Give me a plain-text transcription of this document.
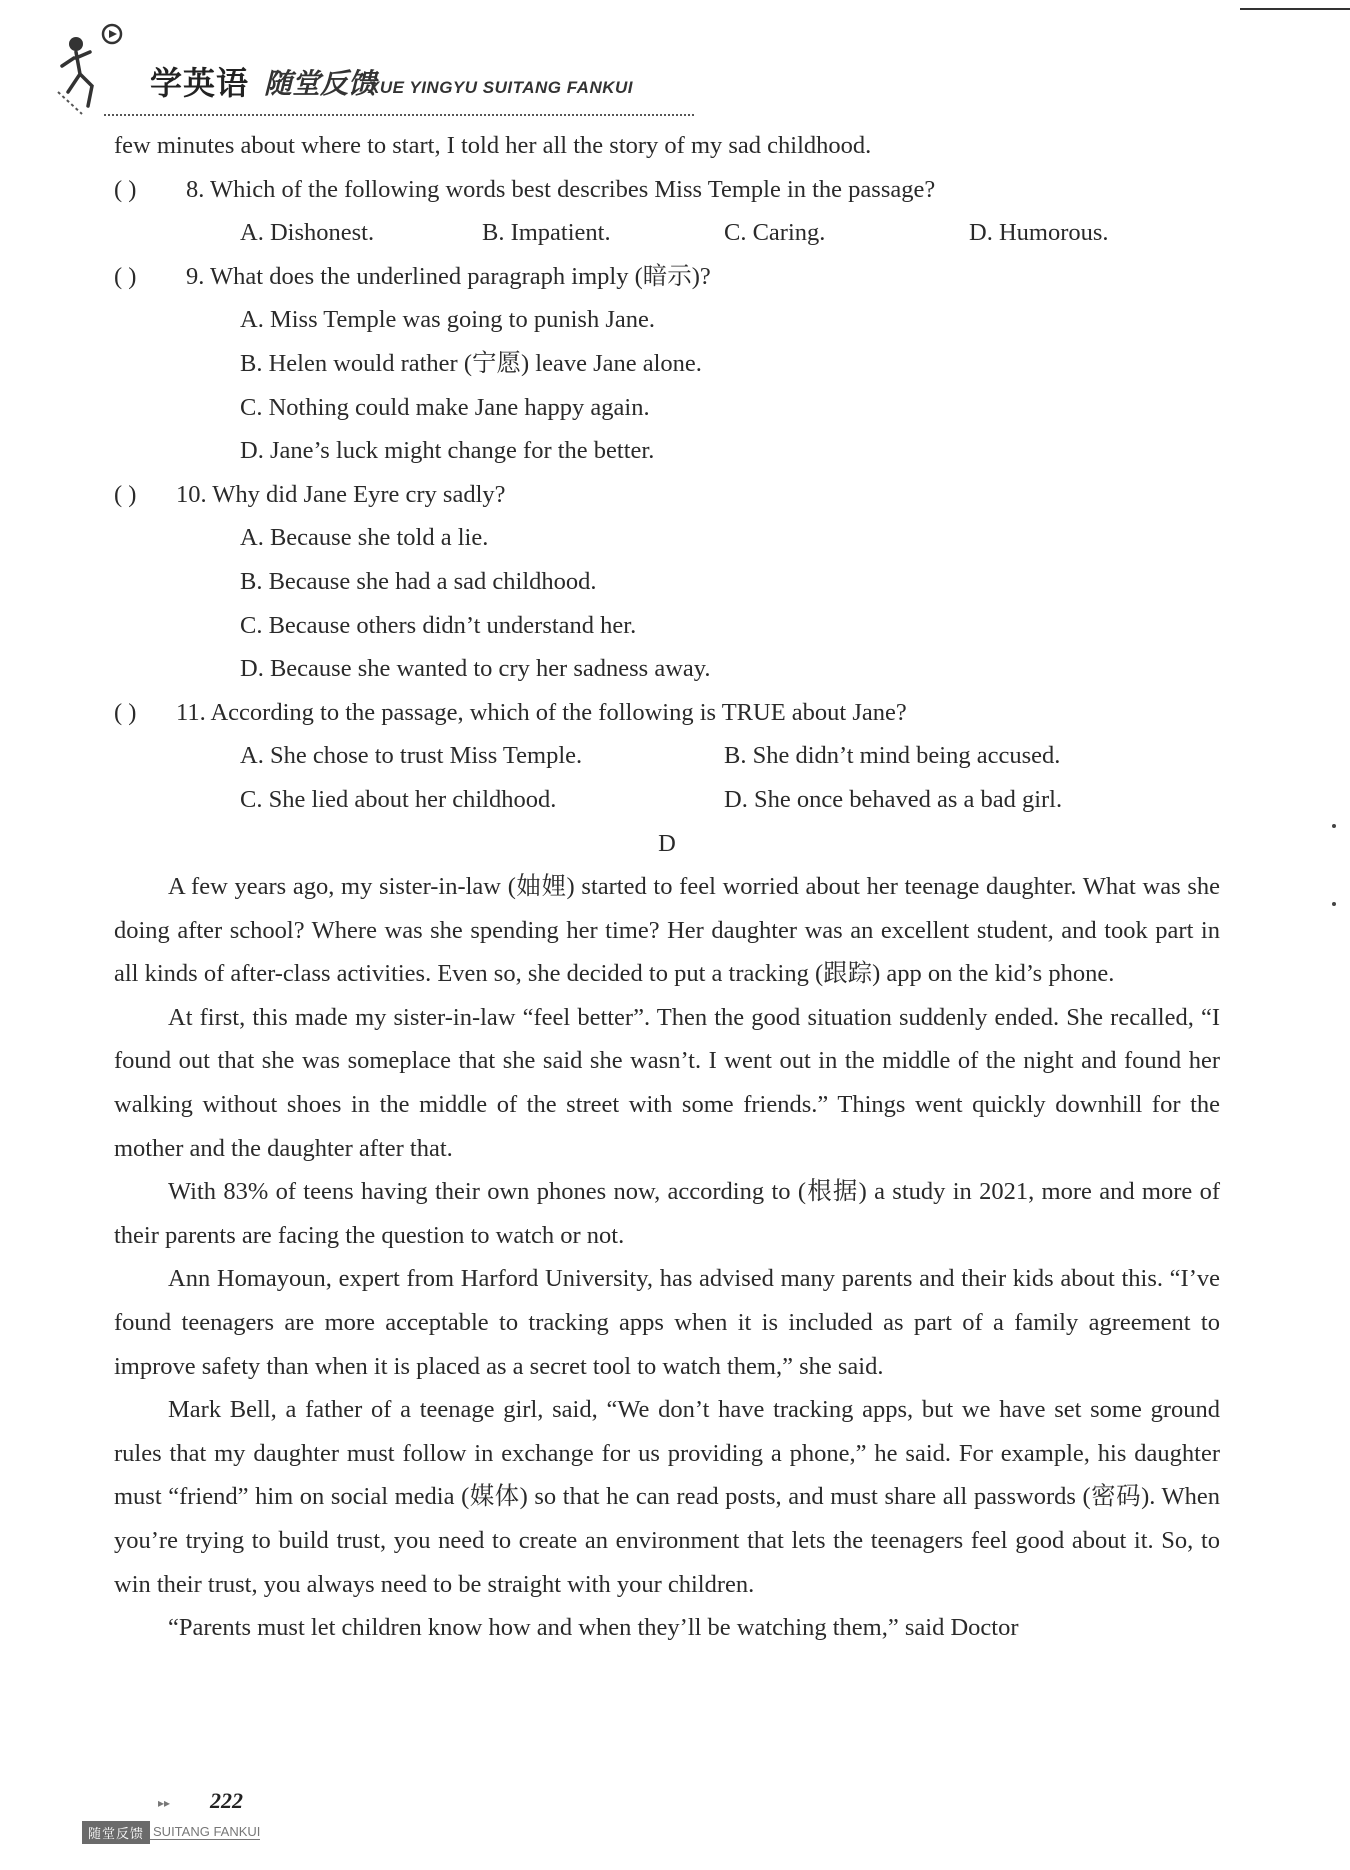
学英语 随堂反馈
XUE YINGYU SUITANG FANKUI
few minutes about where to start, I told her all the story of my sad childhood.
( ) 8. Which of the following words best describes Miss Temple in the passage?
A. Dishonest.	B. Impatient.	C. Caring.	D. Humorous.
( ) 9. What does the underlined paragraph imply (暗示)?
A. Miss Temple was going to punish Jane.
B. Helen would rather (宁愿) leave Jane alone.
C. Nothing could make Jane happy again.
D. Jane’s luck might change for the better.
( ) 10. Why did Jane Eyre cry sadly?
A. Because she told a lie.
B. Because she had a sad childhood.
C. Because others didn’t understand her.
D. Because she wanted to cry her sadness away.
( ) 11. According to the passage, which of the following is TRUE about Jane?
A. She chose to trust Miss Temple.	B. She didn’t mind being accused.
C. She lied about her childhood.	D. She once behaved as a bad girl.
D
A few years ago, my sister-in-law (妯娌) started to feel worried about her teenage daughter. What was she doing after school? Where was she spending her time? Her daughter was an excellent student, and took part in all kinds of after-class activities. Even so, she decided to put a tracking (跟踪) app on the kid’s phone.
At first, this made my sister-in-law “feel better”. Then the good situation suddenly ended. She recalled, “I found out that she was someplace that she said she wasn’t. I went out in the middle of the night and found her walking without shoes in the middle of the street with some friends.” Things went quickly downhill for the mother and the daughter after that.
With 83% of teens having their own phones now, according to (根据) a study in 2021, more and more of their parents are facing the question to watch or not.
Ann Homayoun, expert from Harford University, has advised many parents and their kids about this. “I’ve found teenagers are more acceptable to tracking apps when it is included as part of a family agreement to improve safety than when it is placed as a secret tool to watch them,” she said.
Mark Bell, a father of a teenage girl, said, “We don’t have tracking apps, but we have set some ground rules that my daughter must follow in exchange for us providing a phone,” he said. For example, his daughter must “friend” him on social media (媒体) so that he can read posts, and must share all passwords (密码). When you’re trying to build trust, you need to create an environment that lets the teenagers feel good about it. So, to win their trust, you always need to be straight with your children.
“Parents must let children know how and when they’ll be watching them,” said Doctor
▸▸ 222
随堂反馈 SUITANG FANKUI
